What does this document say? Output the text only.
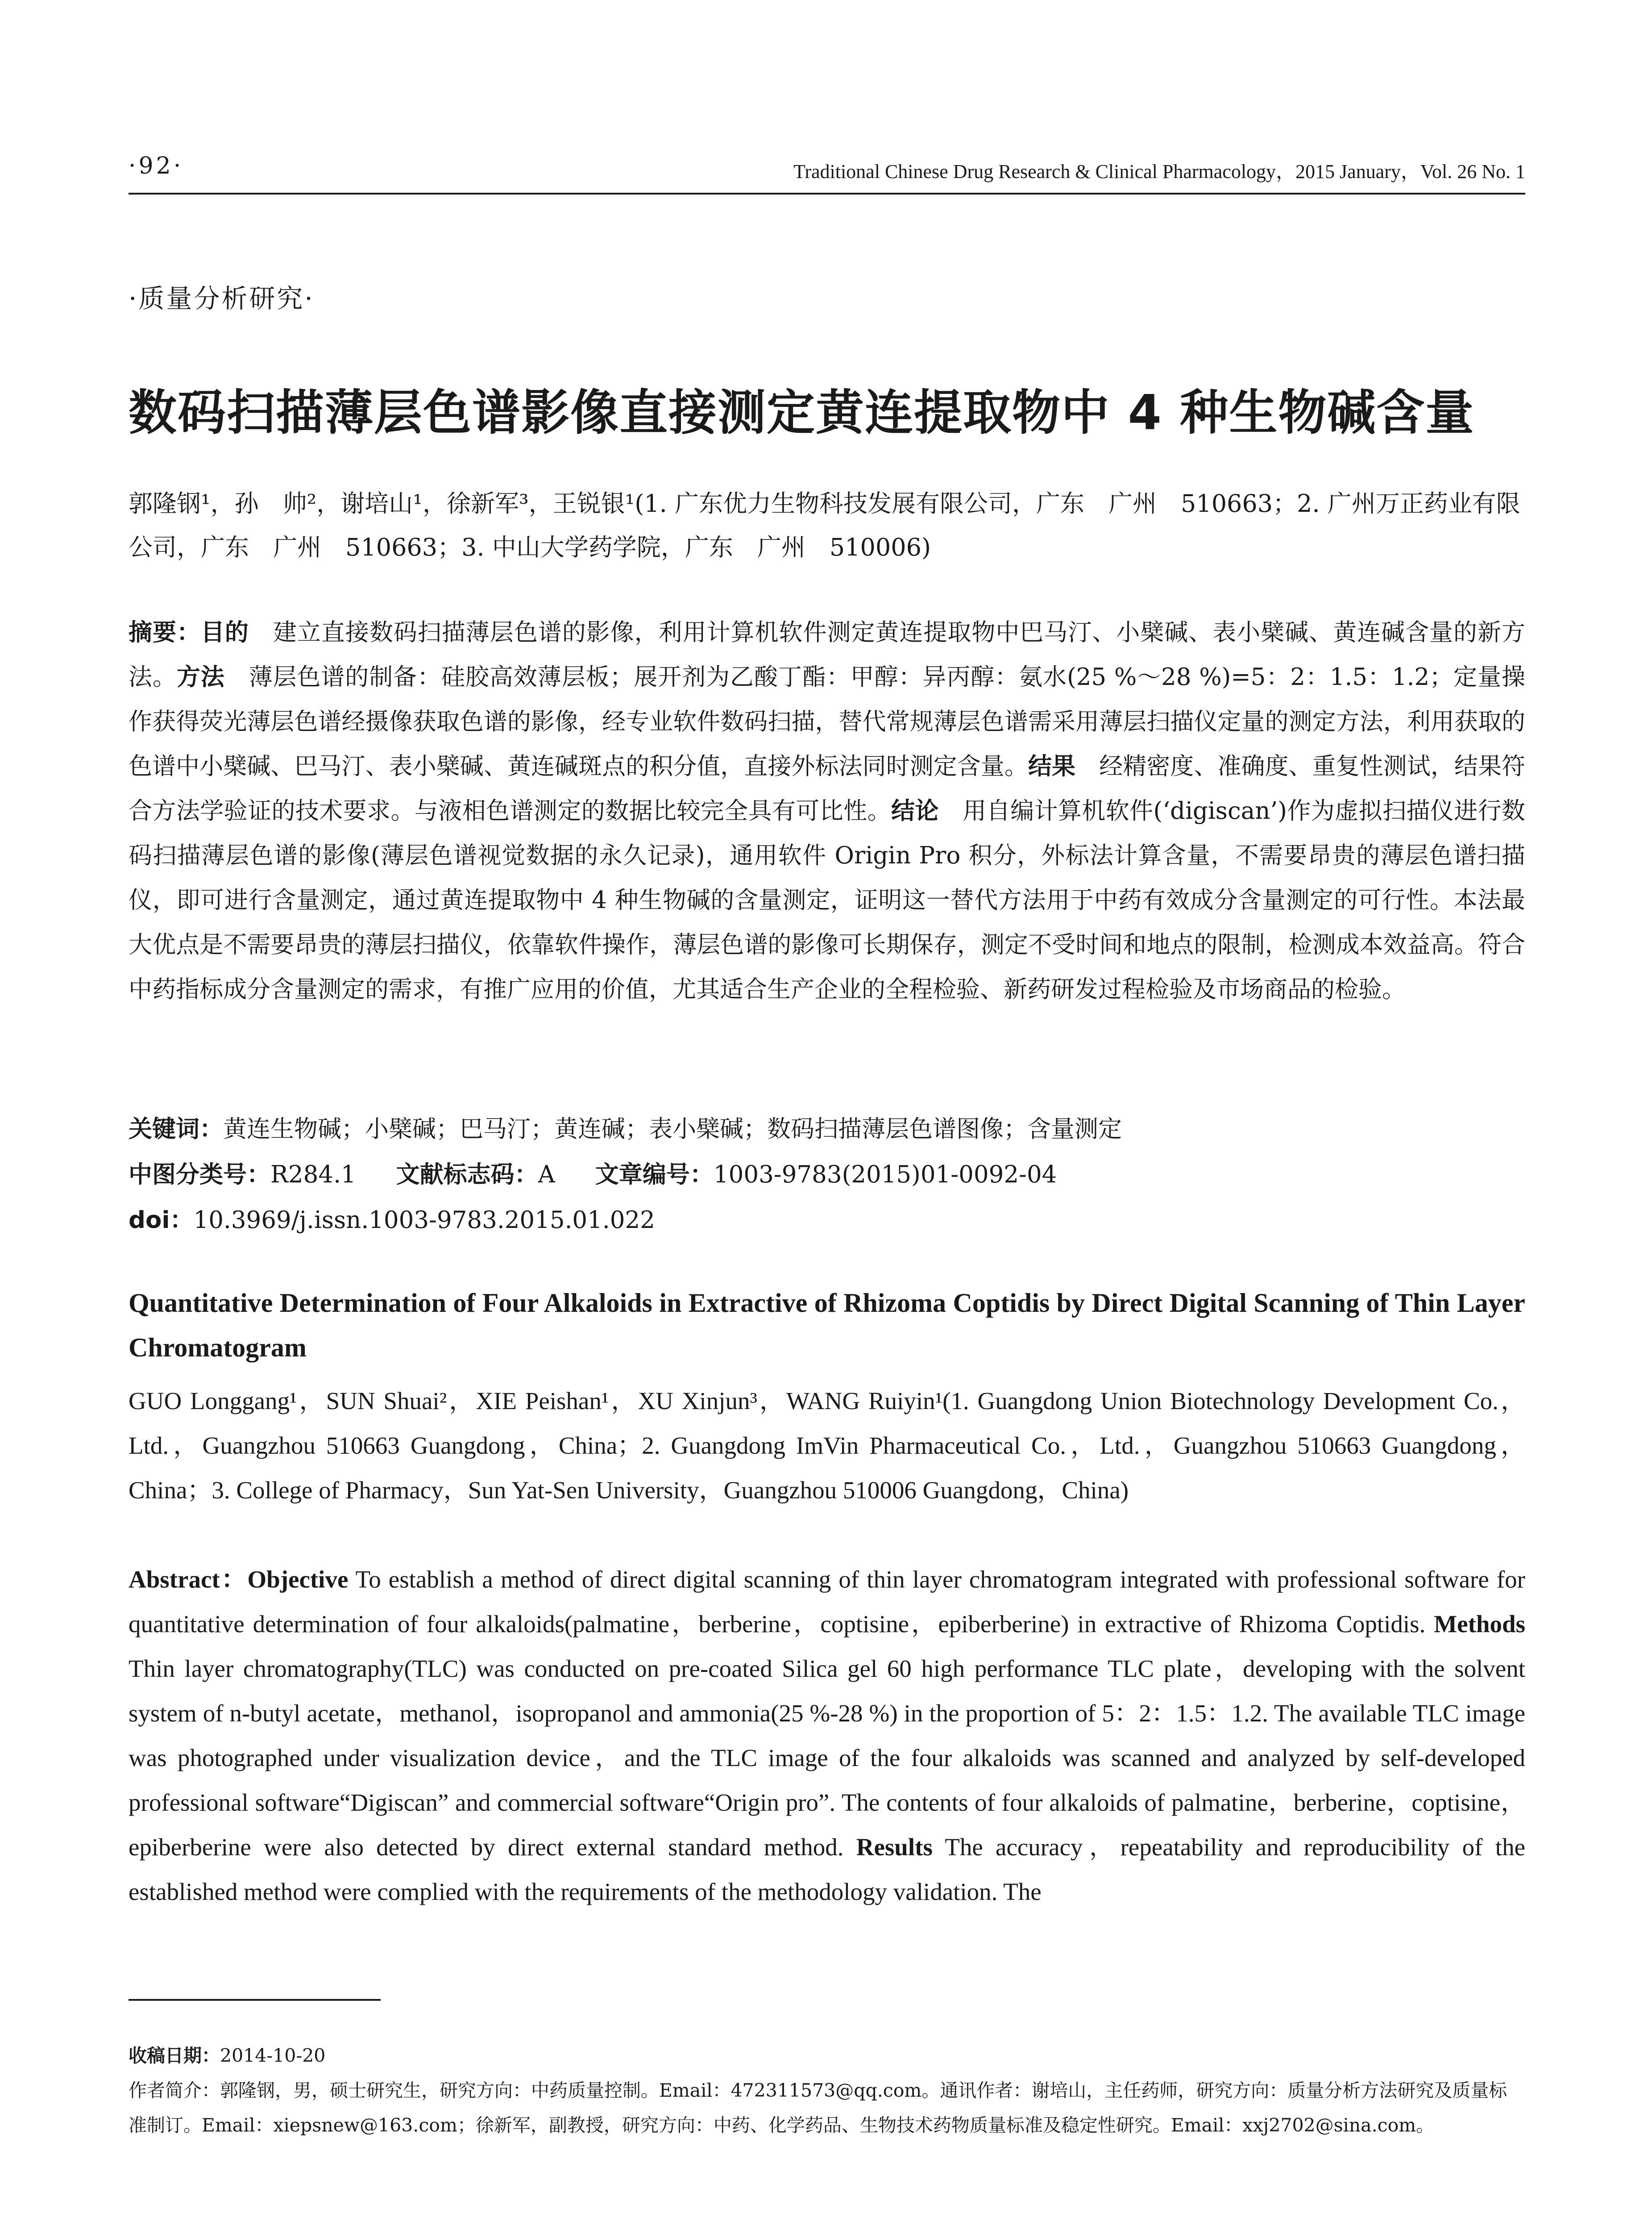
·92·	Traditional Chinese Drug Research & Clinical Pharmacology，2015 January，Vol. 26 No. 1
·质量分析研究·
数码扫描薄层色谱影像直接测定黄连提取物中 4 种生物碱含量
郭隆钢¹，孙　帅²，谢培山¹，徐新军³，王锐银¹(1. 广东优力生物科技发展有限公司，广东　广州　510663；2. 广州万正药业有限公司，广东　广州　510663；3. 中山大学药学院，广东　广州　510006)
摘要：目的　建立直接数码扫描薄层色谱的影像，利用计算机软件测定黄连提取物中巴马汀、小檗碱、表小檗碱、黄连碱含量的新方法。方法　薄层色谱的制备：硅胶高效薄层板；展开剂为乙酸丁酯：甲醇：异丙醇：氨水(25 %～28 %)=5：2：1.5：1.2；定量操作获得荧光薄层色谱经摄像获取色谱的影像，经专业软件数码扫描，替代常规薄层色谱需采用薄层扫描仪定量的测定方法，利用获取的色谱中小檗碱、巴马汀、表小檗碱、黄连碱斑点的积分值，直接外标法同时测定含量。结果　经精密度、准确度、重复性测试，结果符合方法学验证的技术要求。与液相色谱测定的数据比较完全具有可比性。结论　用自编计算机软件(‘digiscan’)作为虚拟扫描仪进行数码扫描薄层色谱的影像(薄层色谱视觉数据的永久记录)，通用软件 Origin Pro 积分，外标法计算含量，不需要昂贵的薄层色谱扫描仪，即可进行含量测定，通过黄连提取物中 4 种生物碱的含量测定，证明这一替代方法用于中药有效成分含量测定的可行性。本法最大优点是不需要昂贵的薄层扫描仪，依靠软件操作，薄层色谱的影像可长期保存，测定不受时间和地点的限制，检测成本效益高。符合中药指标成分含量测定的需求，有推广应用的价值，尤其适合生产企业的全程检验、新药研发过程检验及市场商品的检验。
关键词：黄连生物碱；小檗碱；巴马汀；黄连碱；表小檗碱；数码扫描薄层色谱图像；含量测定
中图分类号：R284.1 文献标志码：A 文章编号：1003-9783(2015)01-0092-04
doi：10.3969/j.issn.1003-9783.2015.01.022
Quantitative Determination of Four Alkaloids in Extractive of Rhizoma Coptidis by Direct Digital Scanning of Thin Layer Chromatogram
GUO Longgang¹，SUN Shuai²，XIE Peishan¹，XU Xinjun³，WANG Ruiyin¹(1. Guangdong Union Biotechnology Development Co.，Ltd.，Guangzhou 510663 Guangdong，China；2. Guangdong ImVin Pharmaceutical Co.，Ltd.，Guangzhou 510663 Guangdong，China；3. College of Pharmacy，Sun Yat-Sen University，Guangzhou 510006 Guangdong，China)
Abstract：Objective To establish a method of direct digital scanning of thin layer chromatogram integrated with professional software for quantitative determination of four alkaloids(palmatine，berberine，coptisine，epiberberine) in extractive of Rhizoma Coptidis. Methods Thin layer chromatography(TLC) was conducted on pre-coated Silica gel 60 high performance TLC plate，developing with the solvent system of n-butyl acetate，methanol，isopropanol and ammonia(25 %-28 %) in the proportion of 5：2：1.5：1.2. The available TLC image was photographed under visualization device，and the TLC image of the four alkaloids was scanned and analyzed by self-developed professional software“Digiscan” and commercial software“Origin pro”. The contents of four alkaloids of palmatine，berberine，coptisine，epiberberine were also detected by direct external standard method. Results The accuracy，repeatability and reproducibility of the established method were complied with the requirements of the methodology validation. The
收稿日期：2014-10-20
作者简介：郭隆钢，男，硕士研究生，研究方向：中药质量控制。Email：472311573@qq.com。通讯作者：谢培山，主任药师，研究方向：质量分析方法研究及质量标准制订。Email：xiepsnew@163.com；徐新军，副教授，研究方向：中药、化学药品、生物技术药物质量标准及稳定性研究。Email：xxj2702@sina.com。
